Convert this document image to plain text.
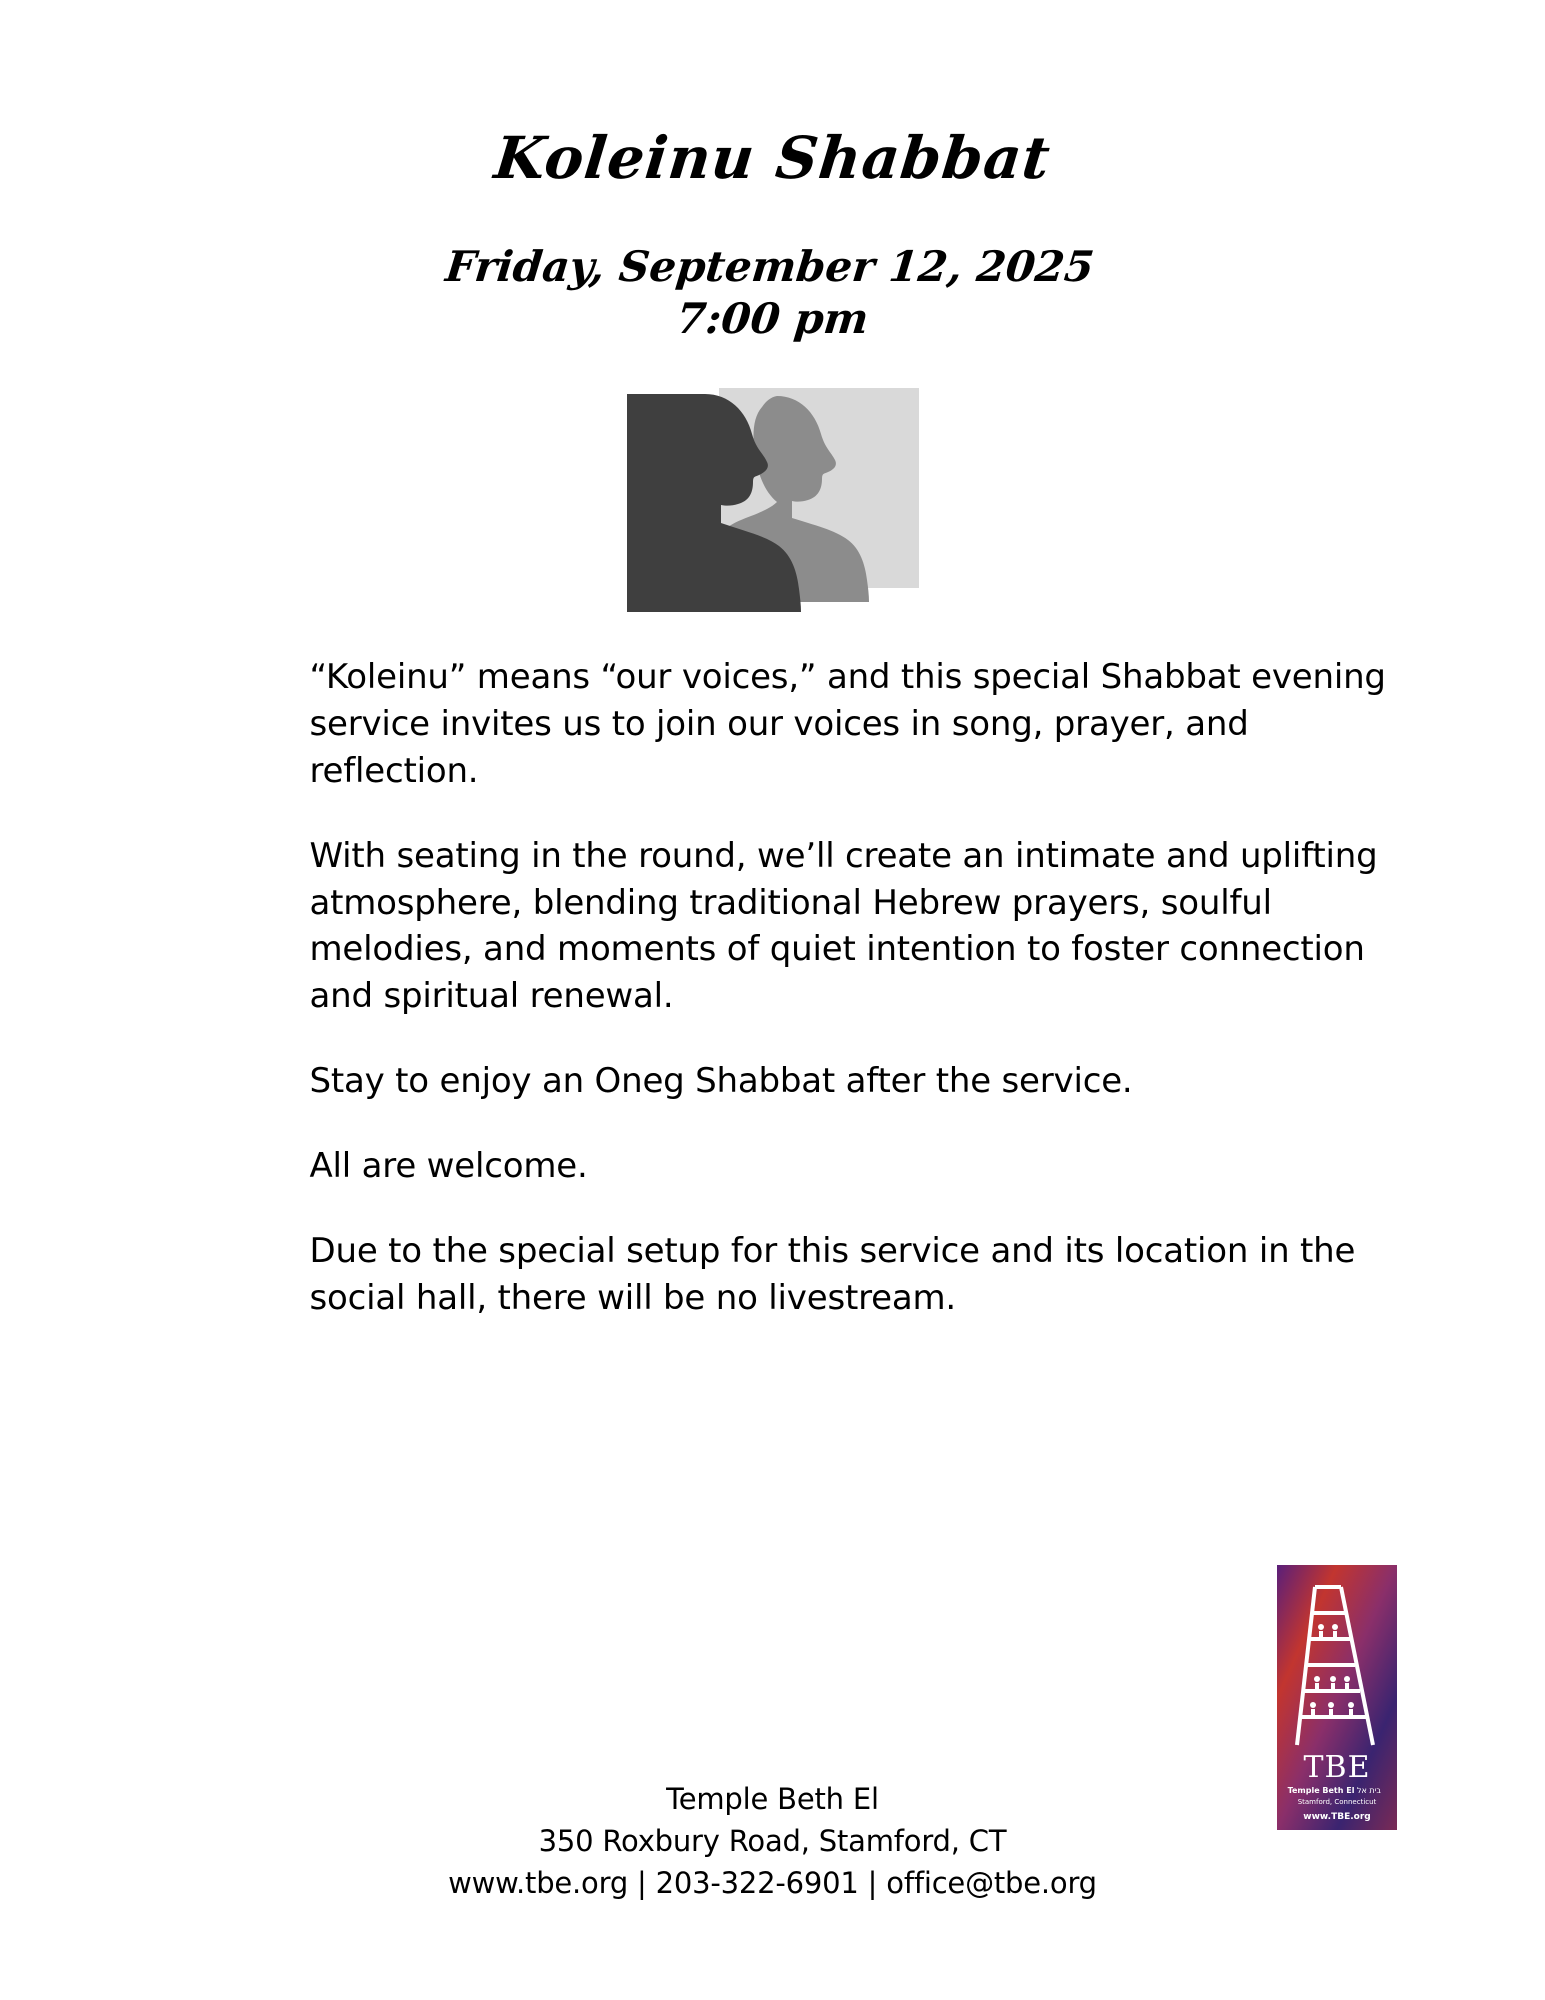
Koleinu Shabbat
Friday, September 12, 2025
7:00 pm

“Koleinu” means “our voices,” and this special Shabbat evening service invites us to join our voices in song, prayer, and reflection.

With seating in the round, we’ll create an intimate and uplifting atmosphere, blending traditional Hebrew prayers, soulful melodies, and moments of quiet intention to foster connection and spiritual renewal.

Stay to enjoy an Oneg Shabbat after the service.

All are welcome.

Due to the special setup for this service and its location in the social hall, there will be no livestream.

TBE
Temple Beth El בית אל
Stamford, Connecticut
www.TBE.org
Temple Beth El
350 Roxbury Road, Stamford, CT
www.tbe.org | 203-322-6901 | office@tbe.org
